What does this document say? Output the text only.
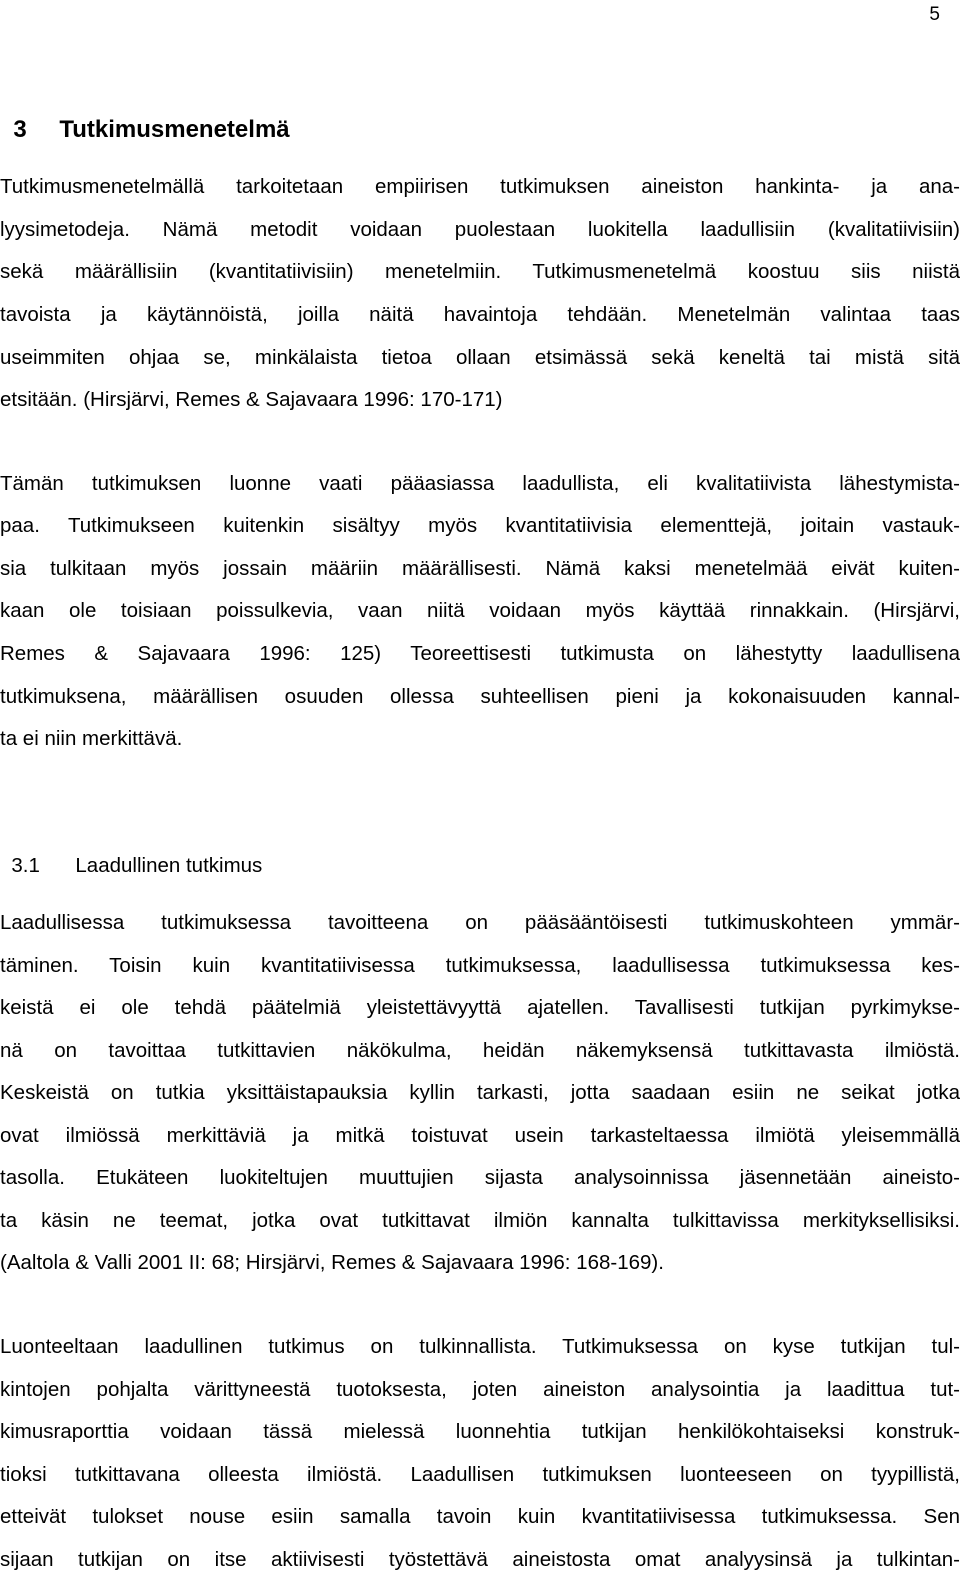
5

3 Tutkimusmenetelmä

Tutkimusmenetelmällä tarkoitetaan empiirisen tutkimuksen aineiston hankinta- ja ana-
lyysimetodeja. Nämä metodit voidaan puolestaan luokitella laadullisiin (kvalitatiivisiin)
sekä määrällisiin (kvantitatiivisiin) menetelmiin. Tutkimusmenetelmä koostuu siis niistä
tavoista ja käytännöistä, joilla näitä havaintoja tehdään. Menetelmän valintaa taas
useimmiten ohjaa se, minkälaista tietoa ollaan etsimässä sekä keneltä tai mistä sitä
etsitään. (Hirsjärvi, Remes & Sajavaara 1996: 170-171)
Tämän tutkimuksen luonne vaati pääasiassa laadullista, eli kvalitatiivista lähestymista-
paa. Tutkimukseen kuitenkin sisältyy myös kvantitatiivisia elementtejä, joitain vastauk-
sia tulkitaan myös jossain määriin määrällisesti. Nämä kaksi menetelmää eivät kuiten-
kaan ole toisiaan poissulkevia, vaan niitä voidaan myös käyttää rinnakkain. (Hirsjärvi,
Remes & Sajavaara 1996: 125) Teoreettisesti tutkimusta on lähestytty laadullisena
tutkimuksena, määrällisen osuuden ollessa suhteellisen pieni ja kokonaisuuden kannal-
ta ei niin merkittävä.

3.1 Laadullinen tutkimus

Laadullisessa tutkimuksessa tavoitteena on pääsääntöisesti tutkimuskohteen ymmär-
täminen. Toisin kuin kvantitatiivisessa tutkimuksessa, laadullisessa tutkimuksessa kes-
keistä ei ole tehdä päätelmiä yleistettävyyttä ajatellen. Tavallisesti tutkijan pyrkimykse-
nä on tavoittaa tutkittavien näkökulma, heidän näkemyksensä tutkittavasta ilmiöstä.
Keskeistä on tutkia yksittäistapauksia kyllin tarkasti, jotta saadaan esiin ne seikat jotka
ovat ilmiössä merkittäviä ja mitkä toistuvat usein tarkasteltaessa ilmiötä yleisemmällä
tasolla. Etukäteen luokiteltujen muuttujien sijasta analysoinnissa jäsennetään aineisto-
ta käsin ne teemat, jotka ovat tutkittavat ilmiön kannalta tulkittavissa merkityksellisiksi.
(Aaltola & Valli 2001 II: 68; Hirsjärvi, Remes & Sajavaara 1996: 168-169).
Luonteeltaan laadullinen tutkimus on tulkinnallista. Tutkimuksessa on kyse tutkijan tul-
kintojen pohjalta värittyneestä tuotoksesta, joten aineiston analysointia ja laadittua tut-
kimusraporttia voidaan tässä mielessä luonnehtia tutkijan henkilökohtaiseksi konstruk-
tioksi tutkittavana olleesta ilmiöstä. Laadullisen tutkimuksen luonteeseen on tyypillistä,
etteivät tulokset nouse esiin samalla tavoin kuin kvantitatiivisessa tutkimuksessa. Sen
sijaan tutkijan on itse aktiivisesti työstettävä aineistosta omat analyysinsä ja tulkintan-
